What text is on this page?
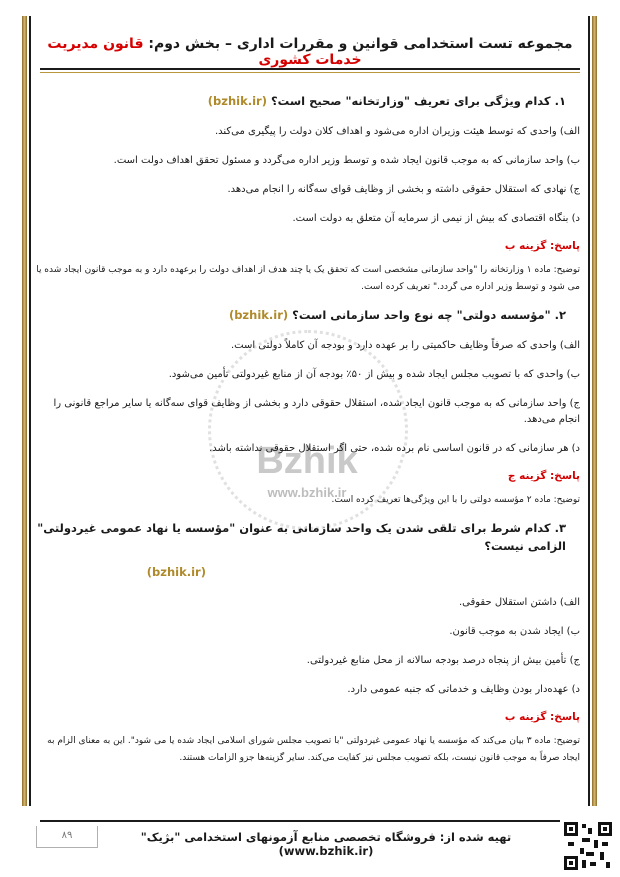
مجموعه تست استخدامی قوانین و مقررات اداری – بخش دوم: قانون مدیریت خدمات کشوری
Bzhik
www.bzhik.ir
۱. کدام ویژگی برای تعریف "وزارتخانه" صحیح است؟ (bzhik.ir)
الف) واحدی که توسط هیئت وزیران اداره می‌شود و اهداف کلان دولت را پیگیری می‌کند.
ب) واحد سازمانی که به موجب قانون ایجاد شده و توسط وزیر اداره می‌گردد و مسئول تحقق اهداف دولت است.
ج) نهادی که استقلال حقوقی داشته و بخشی از وظایف قوای سه‌گانه را انجام می‌دهد.
د) بنگاه اقتصادی که بیش از نیمی از سرمایه آن متعلق به دولت است.
پاسخ: گزینه ب
توضیح: ماده ۱ وزارتخانه را "واحد سازمانی مشخصی است که تحقق یک یا چند هدف از اهداف دولت را برعهده دارد و به موجب قانون ایجاد شده یا می شود و توسط وزیر اداره می گردد." تعریف کرده است.
۲. "مؤسسه دولتی" چه نوع واحد سازمانی است؟ (bzhik.ir)
الف) واحدی که صرفاً وظایف حاکمیتی را بر عهده دارد و بودجه آن کاملاً دولتی است.
ب) واحدی که با تصویب مجلس ایجاد شده و بیش از ۵۰٪ بودجه آن از منابع غیردولتی تأمین می‌شود.
ج) واحد سازمانی که به موجب قانون ایجاد شده، استقلال حقوقی دارد و بخشی از وظایف قوای سه‌گانه یا سایر مراجع قانونی را انجام می‌دهد.
د) هر سازمانی که در قانون اساسی نام برده شده، حتی اگر استقلال حقوقی نداشته باشد.
پاسخ: گزینه ج
توضیح: ماده ۲ مؤسسه دولتی را با این ویژگی‌ها تعریف کرده است.
۳. کدام شرط برای تلقی شدن یک واحد سازمانی به عنوان "مؤسسه یا نهاد عمومی غیردولتی" الزامی نیست؟
(bzhik.ir)
الف) داشتن استقلال حقوقی.
ب) ایجاد شدن به موجب قانون.
ج) تأمین بیش از پنجاه درصد بودجه سالانه از محل منابع غیردولتی.
د) عهده‌دار بودن وظایف و خدماتی که جنبه عمومی دارد.
پاسخ: گزینه ب
توضیح: ماده ۳ بیان می‌کند که مؤسسه یا نهاد عمومی غیردولتی "با تصویب مجلس شورای اسلامی ایجاد شده یا می شود". این به معنای الزام به ایجاد صرفاً به موجب قانون نیست، بلکه تصویب مجلس نیز کفایت می‌کند. سایر گزینه‌ها جزو الزامات هستند.
۸۹	تهیه شده از: فروشگاه تخصصی منابع آزمونهای استخدامی "بژیک" (www.bzhik.ir)
